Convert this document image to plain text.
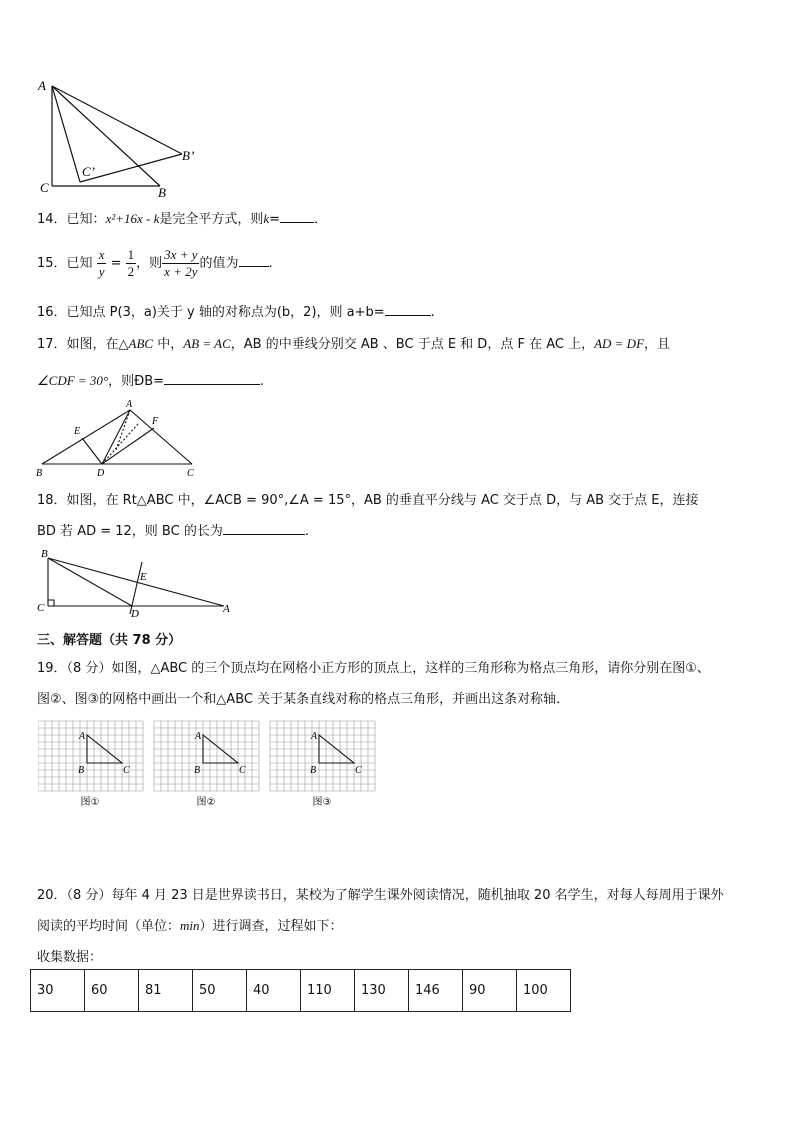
A
C	B
B’
C’
14．已知：x²+16x - k是完全平方式，则k=	．
15．已知 $\frac{x}{y} = \frac{1}{2}$ ，则 $\frac{3x + y}{x + 2y}$ 的值为 .
16．已知点 P(3，a)关于 y 轴的对称点为(b，2)，则 a+b=	.
17．如图，在△ABC 中，AB = AC，AB 的中垂线分别交 AB 、BC 于点 E 和 D，点 F 在 AC 上，AD = DF，且
∠CDF = 30°，则ÐB=	.
A
E
F
B	D	C
18．如图，在 Rt△ABC 中，∠ACB = 90°,∠A = 15°，AB 的垂直平分线与 AC 交于点 D，与 AB 交于点 E，连接
BD 若 AD = 12，则 BC 的长为	.
B
C
E
D	A
三、解答题（共 78 分）
19．（8 分）如图，△ABC 的三个顶点均在网格小正方形的顶点上，这样的三角形称为格点三角形，请你分别在图①、
图②、图③的网格中画出一个和△ABC 关于某条直线对称的格点三角形，并画出这条对称轴．
A
B	C
图①
A
B	C
图②
A
B	C
图③
20．（8 分）每年 4 月 23 日是世界读书日，某校为了解学生课外阅读情况，随机抽取 20 名学生，对每人每周用于课外
阅读的平均时间（单位：min）进行调查，过程如下：
收集数据：
30	60	81	50	40	110	130	146	90	100
